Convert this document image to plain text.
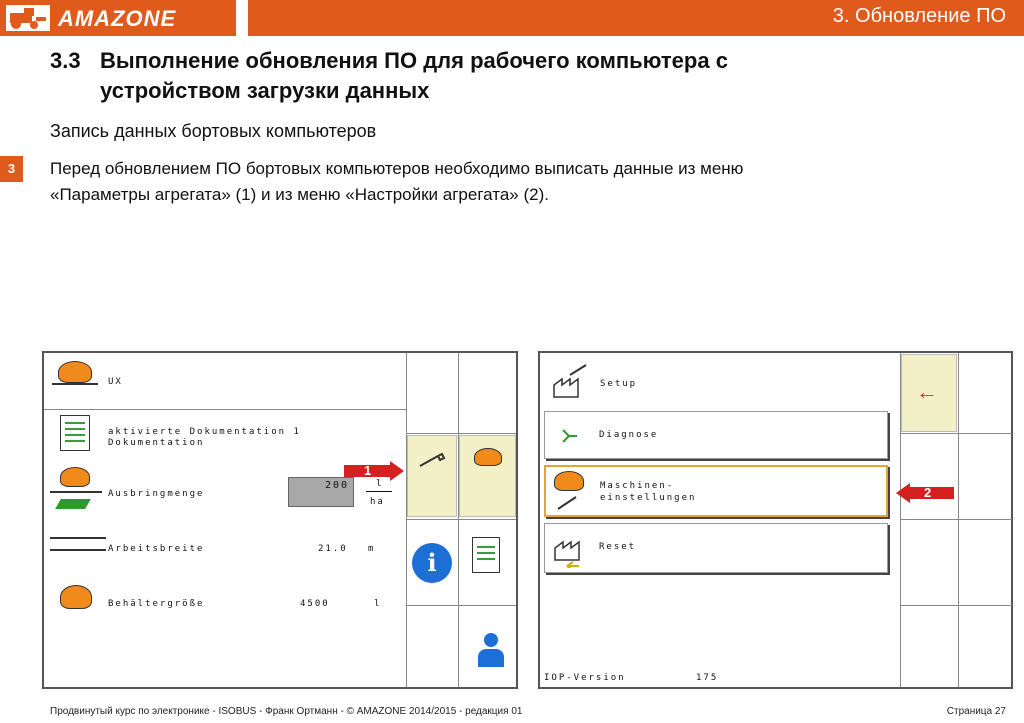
AMAZONE	3. Обновление ПО
3.3 Выполнение обновления ПО для рабочего компьютера с
устройством загрузки данных
Запись данных бортовых компьютеров
3	Перед обновлением ПО бортовых компьютеров необходимо выписать данные из меню
«Параметры агрегата» (1) и из меню «Настройки агрегата» (2).
UX
aktivierte Dokumentation 1
Dokumentation
Ausbringmenge
200	l
ha
Arbeitsbreite	21.0 m
Behältergröße	4500	l
i
1
Setup	←
Diagnose
Maschinen-
einstellungen
Reset
IOP-Version	175
2
Продвинутый курс по электронике - ISOBUS - Франк Ортманн - © AMAZONE 2014/2015 - редакция 01	Страница 27
